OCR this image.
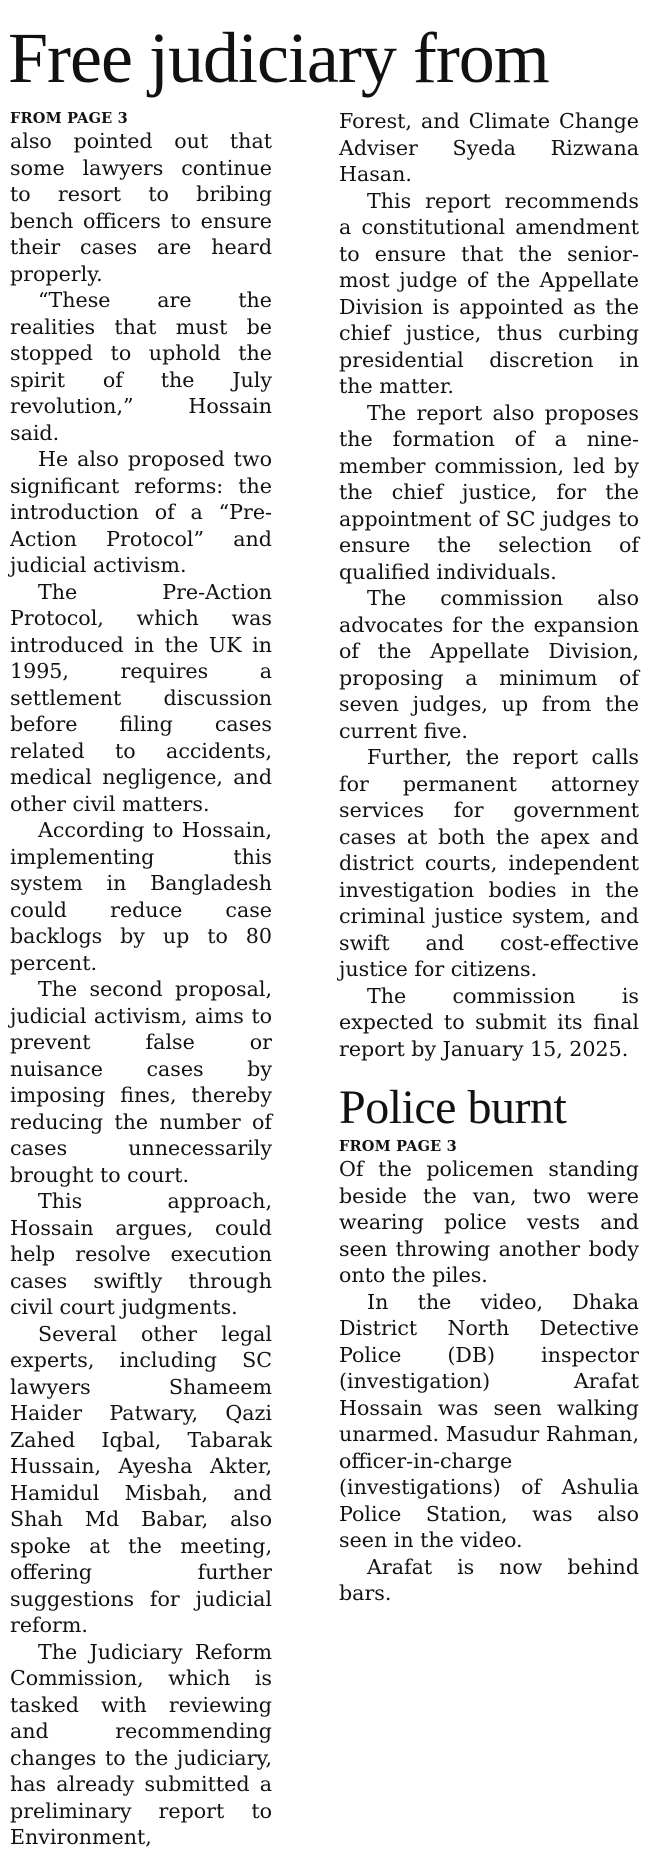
Free judiciary from
FROM PAGE 3

also pointed out that some lawyers continue to resort to bribing bench officers to ensure their cases are heard properly.

“These are the realities that must be stopped to uphold the spirit of the July revolution,” Hossain said.

He also proposed two significant reforms: the introduction of a “Pre-Action Protocol” and judicial activism.

The Pre-Action Protocol, which was introduced in the UK in 1995, requires a settlement discussion before filing cases related to accidents, medical negligence, and other civil matters.

According to Hossain, implementing this system in Bangladesh could reduce case backlogs by up to 80 percent.

The second proposal, judicial activism, aims to prevent false or nuisance cases by imposing fines, thereby reducing the number of cases unnecessarily brought to court.

This approach, Hossain argues, could help resolve execution cases swiftly through civil court judgments.

Several other legal experts, including SC lawyers Shameem Haider Patwary, Qazi Zahed Iqbal, Tabarak Hussain, Ayesha Akter, Hamidul Misbah, and Shah Md Babar, also spoke at the meeting, offering further suggestions for judicial reform.

The Judiciary Reform Commission, which is tasked with reviewing and recommending changes to the judiciary, has already submitted a preliminary report to Environment,

Forest, and Climate Change Adviser Syeda Rizwana Hasan.

This report recommends a constitutional amendment to ensure that the senior-most judge of the Appellate Division is appointed as the chief justice, thus curbing presidential discretion in the matter.

The report also proposes the formation of a nine-member commission, led by the chief justice, for the appointment of SC judges to ensure the selection of qualified individuals.

The commission also advocates for the expansion of the Appellate Division, proposing a minimum of seven judges, up from the current five.

Further, the report calls for permanent attorney services for government cases at both the apex and district courts, independent investigation bodies in the criminal justice system, and swift and cost-effective justice for citizens.

The commission is expected to submit its final report by January 15, 2025.

Police burnt
FROM PAGE 3

Of the policemen standing beside the van, two were wearing police vests and seen throwing another body onto the piles.

In the video, Dhaka District North Detective Police (DB) inspector (investigation) Arafat Hossain was seen walking unarmed. Masudur Rahman, officer-in-charge (investigations) of Ashulia Police Station, was also seen in the video.

Arafat is now behind bars.
